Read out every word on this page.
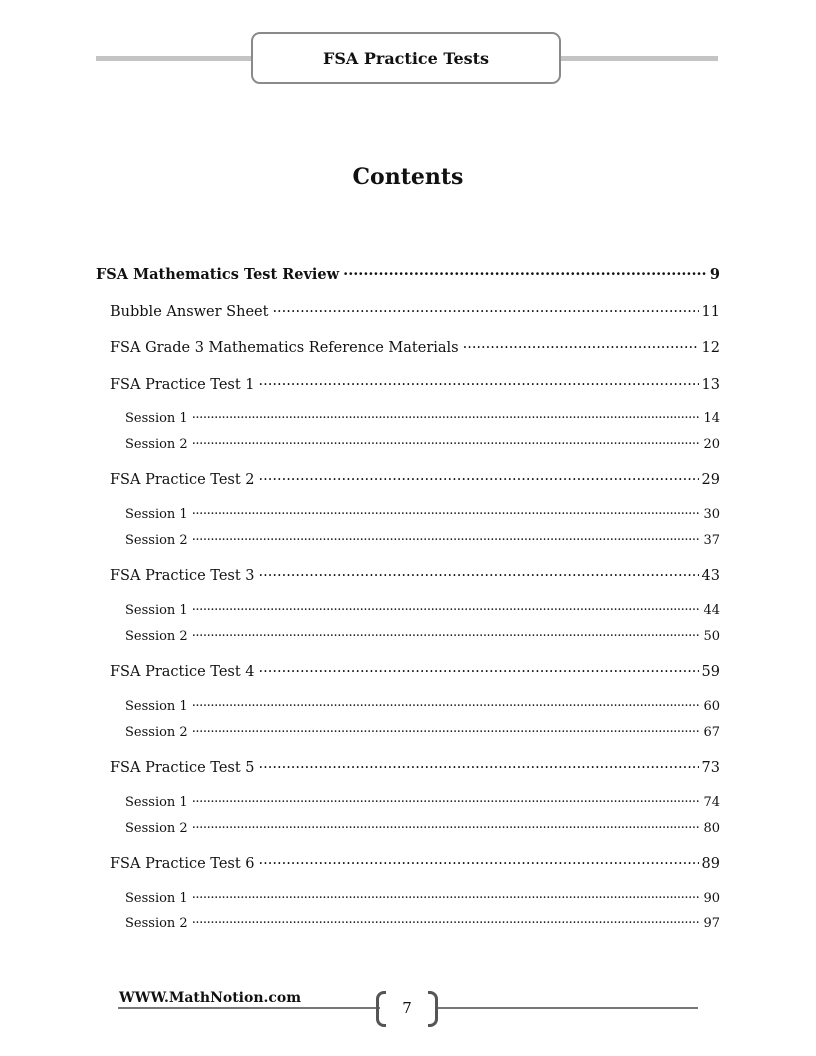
FSA Practice Tests
Contents
FSA Mathematics Test Review .....	9
Bubble Answer Sheet .....	11
FSA Grade 3 Mathematics Reference Materials .....	12
FSA Practice Test 1 .....	13
Session 1 .....	14
Session 2 .....	20
FSA Practice Test 2 .....	29
Session 1 .....	30
Session 2 .....	37
FSA Practice Test 3 .....	43
Session 1 .....	44
Session 2 .....	50
FSA Practice Test 4 .....	59
Session 1 .....	60
Session 2 .....	67
FSA Practice Test 5 .....	73
Session 1 .....	74
Session 2 .....	80
FSA Practice Test 6 .....	89
Session 1 .....	90
Session 2 .....	97
WWW.MathNotion.com
7
